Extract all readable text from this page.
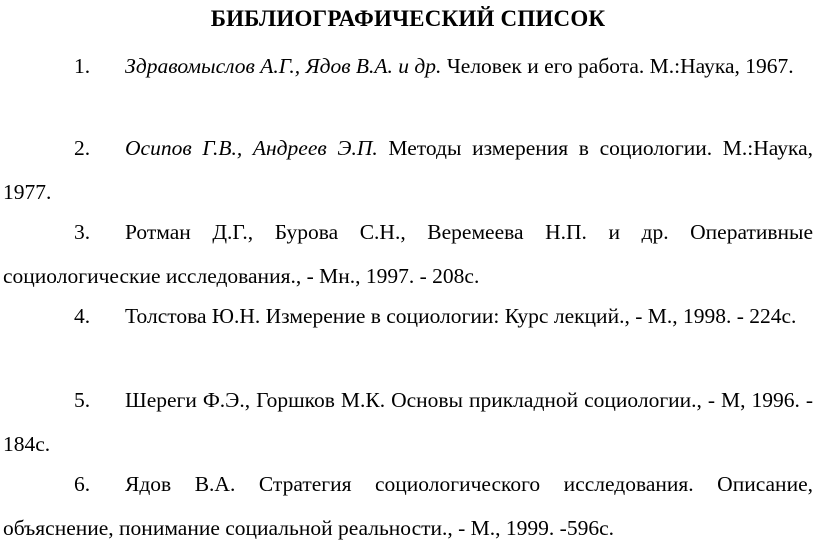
БИБЛИОГРАФИЧЕСКИЙ СПИСОК
1.	Здравомыслов А.Г., Ядов В.А. и др. Человек и его работа. М.:Наука, 1967.
2.	Осипов Г.В., Андреев Э.П. Методы измерения в социологии. М.:Наука, 1977.
3.	Ротман Д.Г., Бурова С.Н., Веремеева Н.П. и др. Оперативные социологические исследования., - Мн., 1997. - 208с.
4.	Толстова Ю.Н. Измерение в социологии: Курс лекций., - М., 1998. - 224с.
5.	Шереги Ф.Э., Горшков М.К. Основы прикладной социологии., - М, 1996. - 184с.
6.	Ядов В.А. Стратегия социологического исследования. Описание, объяснение, понимание социальной реальности., - М., 1999. -596с.
